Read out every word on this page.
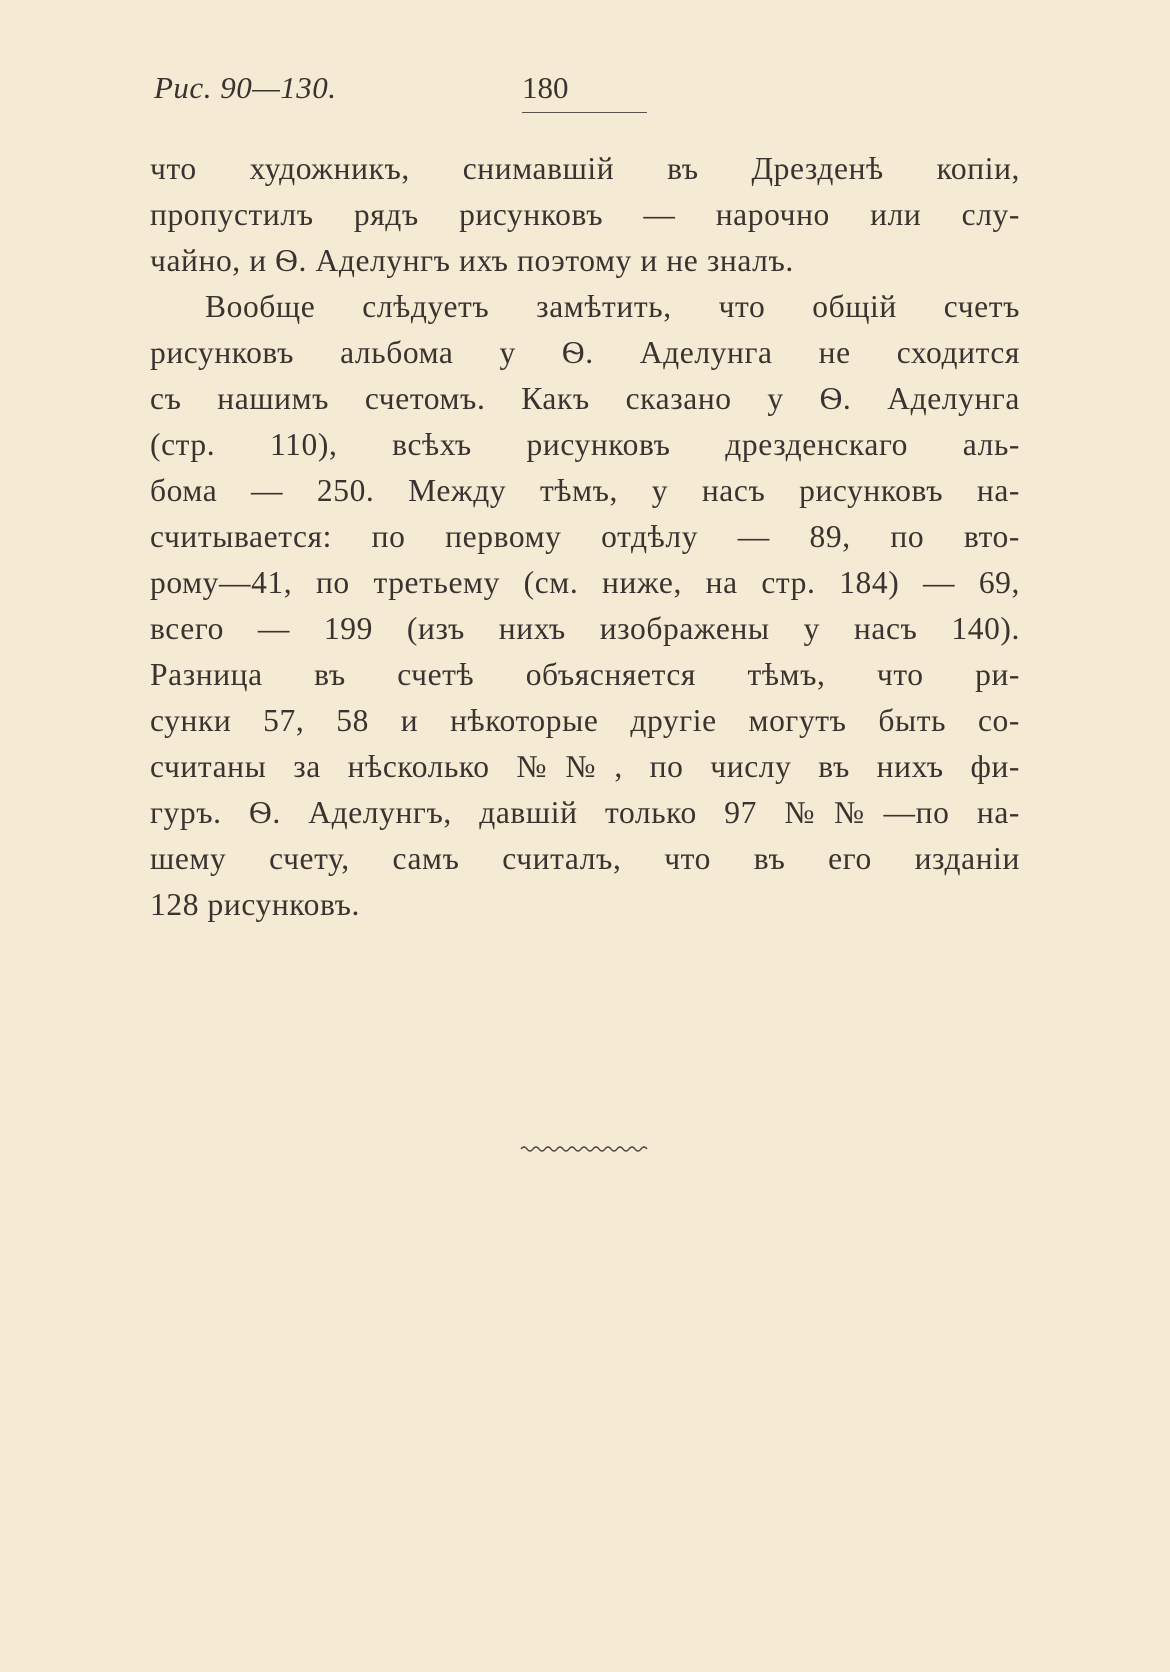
Рис. 90—130.	180
что художникъ, снимавшій въ Дрезденѣ копіи,
пропустилъ рядъ рисунковъ — нарочно или слу-
чайно, и Ѳ. Аделунгъ ихъ поэтому и не зналъ.
Вообще слѣдуетъ замѣтить, что общій счетъ
рисунковъ альбома у Ѳ. Аделунга не сходится
съ нашимъ счетомъ. Какъ сказано у Ѳ. Аделунга
(стр. 110), всѣхъ рисунковъ дрезденскаго аль-
бома — 250. Между тѣмъ, у насъ рисунковъ на-
считывается: по первому отдѣлу — 89, по вто-
рому—41, по третьему (см. ниже, на стр. 184) — 69,
всего — 199 (изъ нихъ изображены у насъ 140).
Разница въ счетѣ объясняется тѣмъ, что ри-
сунки 57, 58 и нѣкоторые другіе могутъ быть со-
считаны за нѣсколько №№, по числу въ нихъ фи-
гуръ. Ѳ. Аделунгъ, давшій только 97 №№—по на-
шему счету, самъ считалъ, что въ его изданіи
128 рисунковъ.
